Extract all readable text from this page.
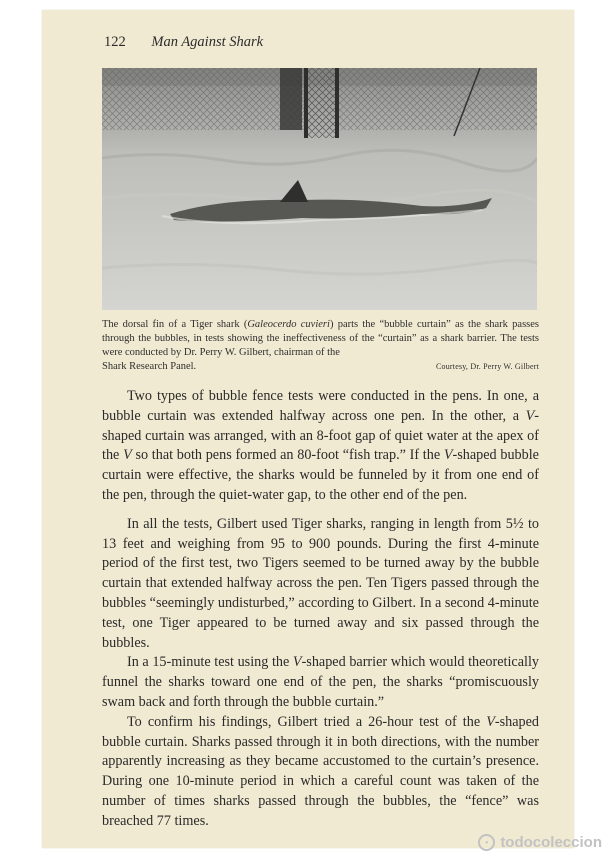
122 Man Against Shark
The dorsal fin of a Tiger shark (Galeocerdo cuvieri) parts the “bubble curtain” as the shark passes through the bubbles, in tests showing the ineffectiveness of the “curtain” as a shark barrier. The tests were conducted by Dr. Perry W. Gilbert, chairman of the
Shark Research Panel.	Courtesy, Dr. Perry W. Gilbert

Two types of bubble fence tests were conducted in the pens. In one, a bubble curtain was extended halfway across one pen. In the other, a V-shaped curtain was arranged, with an 8-foot gap of quiet water at the apex of the V so that both pens formed an 80-foot “fish trap.” If the V-shaped bubble curtain were effective, the sharks would be funneled by it from one end of the pen, through the quiet-water gap, to the other end of the pen.

In all the tests, Gilbert used Tiger sharks, ranging in length from 5½ to 13 feet and weighing from 95 to 900 pounds. During the first 4-minute period of the first test, two Tigers seemed to be turned away by the bubble curtain that extended halfway across the pen. Ten Tigers passed through the bubbles “seemingly undisturbed,” according to Gilbert. In a second 4-minute test, one Tiger appeared to be turned away and six passed through the bubbles.

In a 15-minute test using the V-shaped barrier which would theoretically funnel the sharks toward one end of the pen, the sharks “promiscuously swam back and forth through the bubble curtain.”

To confirm his findings, Gilbert tried a 26-hour test of the V-shaped bubble curtain. Sharks passed through it in both directions, with the number apparently increasing as they became accustomed to the curtain’s presence. During one 10-minute period in which a careful count was taken of the number of times sharks passed through the bubbles, the “fence” was breached 77 times.

• todocoleccion
